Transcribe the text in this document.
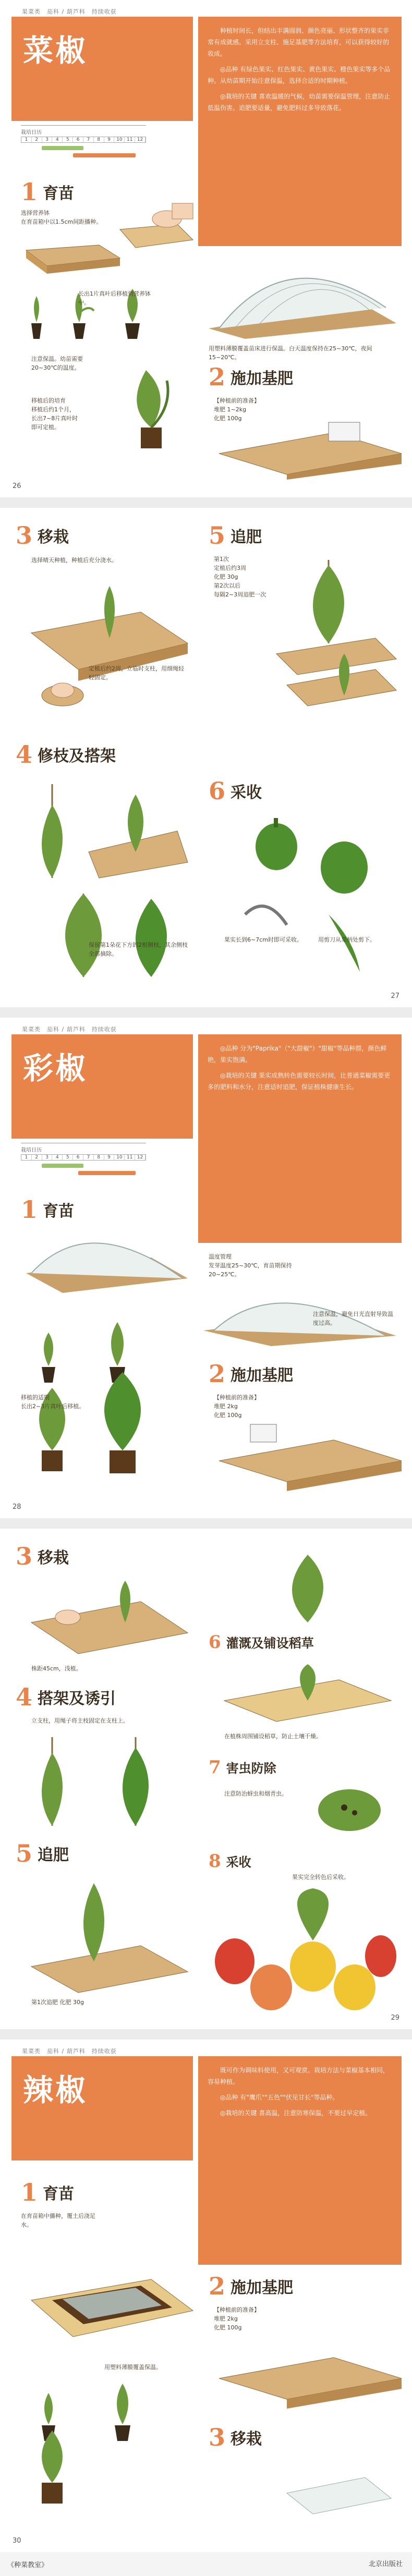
果菜类　茄科 / 葫芦科　持续收获
菜椒

种植时间长，但结出丰满圆润、颜色亮丽、形状整齐的果实非常有成就感。采用立支柱、施足基肥等方法培育，可以获得较好的收成。

◎品种 有绿色果实、红色果实、黄色果实、橙色果实等多个品种。从幼苗期开始注意保温，选择合适的时期种植。

◎栽培的关键 喜欢温暖的气候，幼苗需要保温管理，注意防止低温伤害。追肥要适量，避免肥料过多导致落花。

栽培日历
1	2	3	4	5	6	7	8	9	10 11 12
1 育苗
选择营养钵
在育苗箱中以1.5cm间距播种。
长出1片真叶后移植到营养钵中。
注意保温。幼苗需要
20~30℃的温度。
移植后的培育
移植后约1个月，
长出7~8片真叶时
即可定植。
用塑料薄膜覆盖苗床进行保温。白天温度保持在25~30℃，夜间15~20℃。
2 施加基肥
【种植前的准备】
堆肥 1~2kg
化肥 100g
26
3 移栽
选择晴天种植，种植后充分浇水。
定植后约2周，立临时支柱，用细绳轻轻固定。
4 修枝及搭架
保留第1朵花下方的2根侧枝，其余侧枝全部摘除。
5 追肥
第1次
定植后约3周
化肥 30g
第2次以后
每隔2~3周追肥一次
6 采收
果实长到6~7cm时即可采收。	用剪刀从果柄处剪下。
27
果菜类　茄科 / 葫芦科　持续收获
彩椒

◎品种 分为"Paprika"（"大甜椒"）"甜椒"等品种群，颜色鲜艳，果实饱满。

◎栽培的关键 果实成熟转色需要较长时间，比普通菜椒需要更多的肥料和水分，注意适时追肥，保证植株健康生长。

栽培日历
1	2	3	4	5	6	7	8	9	10 11 12
1 育苗
温度管理
发芽温度25~30℃，育苗期保持
20~25℃。
注意保温，避免日光直射导致温度过高。
移植的适期
长出2~3片真叶后移植。
2 施加基肥
【种植前的准备】
堆肥 2kg
化肥 100g
28
3 移栽
株距45cm，浅植。
4 搭架及诱引
立支柱，用绳子将主枝固定在支柱上。
5 追肥
第1次追肥 化肥 30g
6 灌溉及铺设稻草
在植株周围铺设稻草，防止土壤干燥。
7 害虫防除
注意防治蚜虫和烟青虫。
8 采收
果实完全转色后采收。
29
果菜类　茄科 / 葫芦科　持续收获
辣椒

既可作为调味料使用，又可观赏。栽培方法与菜椒基本相同，容易种植。

◎品种 有"鹰爪""五色""伏见甘长"等品种。

◎栽培的关键 喜高温，注意防寒保温，不要过早定植。

1 育苗
在育苗箱中播种，覆土后浇足水。
用塑料薄膜覆盖保温。
2 施加基肥
【种植前的准备】
堆肥 2kg
化肥 100g
3 移栽
30
《种菜教室》	北京出版社
